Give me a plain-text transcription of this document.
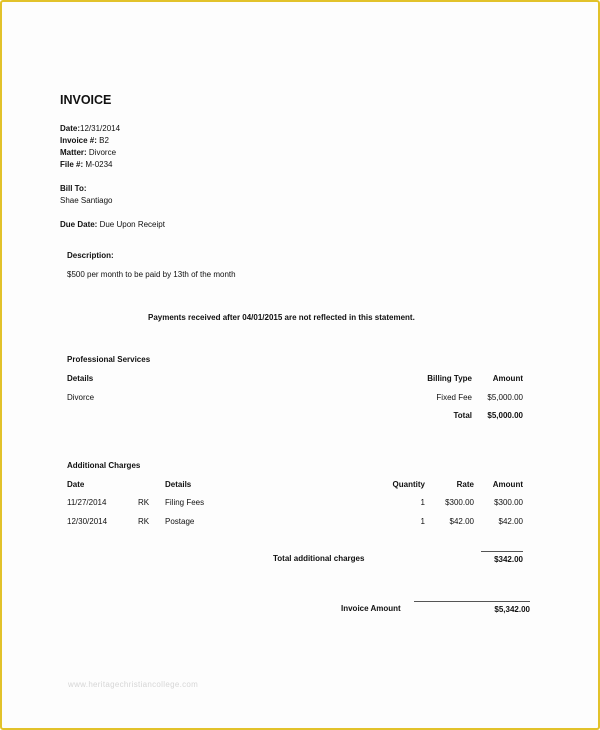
INVOICE
Date:12/31/2014
Invoice #: B2
Matter: Divorce
File #: M-0234
Bill To:
Shae Santiago
Due Date: Due Upon Receipt
Description:
$500 per month to be paid by 13th of the month
Payments received after 04/01/2015 are not reflected in this statement.
Professional Services
Details	Billing Type	Amount
Divorce	Fixed Fee	$5,000.00
Total	$5,000.00
Additional Charges
Date	Details	Quantity	Rate	Amount
11/27/2014	RK Filing Fees	1	$300.00	$300.00
12/30/2014	RK Postage	1	$42.00	$42.00
Total additional charges	$342.00
Invoice Amount	$5,342.00
www.heritagechristiancollege.com
